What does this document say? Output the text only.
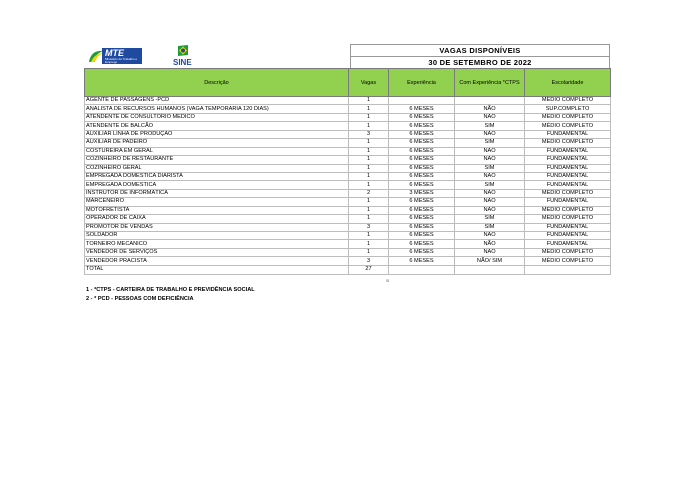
MTE
Ministério do Trabalho e Emprego	SINE
VAGAS DISPONÍVEIS
30 DE SETEMBRO DE 2022
Descrição	Vagas	Experiência	Com Experiência *CTPS	Escolaridade
AGENTE DE PASSAGENS -PCD	1			MÉDIO COMPLETO
ANALISTA DE RECURSOS HUMANOS (VAGA TEMPORARIA 120 DIAS)	1	6 MESES	NÃO	SUP.COMPLETO
ATENDENTE DE CONSULTÓRIO MÉDICO	1	6 MESES	NÃO	MEDIO COMPLETO
ATENDENTE DE BALCÃO	1	6 MESES	SIM	MÉDIO COMPLETO
AUXILIAR LINHA DE PRODUÇÃO	3	6 MESES	NÃO	FUNDAMENTAL
AUXILIAR DE PADEIRO	1	6 MESES	SIM	MÉDIO COMPLETO
COSTUREIRA EM GERAL	1	6 MESES	NÃO	FUNDAMENTAL
COZINHEIRO DE RESTAURANTE	1	6 MESES	NÃO	FUNDAMENTAL
COZINHEIRO GERAL	1	6 MESES	SIM	FUNDAMENTAL
EMPREGADA DOMESTICA DIARISTA	1	6 MESES	NÃO	FUNDAMENTAL
EMPREGADA DOMESTICA	1	6 MESES	SIM	FUNDAMENTAL
INSTRUTOR DE INFORMÁTICA	2	3 MESES	NÃO	MÉDIO COMPLETO
MARCENEIRO	1	6 MESES	NÃO	FUNDAMENTAL
MOTOFRETISTA	1	6 MESES	NÃO	MÉDIO COMPLETO
OPERADOR DE CAIXA	1	6 MESES	SIM	MÉDIO COMPLETO
PROMOTOR DE VENDAS	3	6 MESES	SIM	FUNDAMENTAL
SOLDADOR	1	6 MESES	NÃO	FUNDAMENTAL
TORNEIRO MECANICO	1	6 MESES	NÃO	FUNDAMENTAL
VENDEDOR DE SERVIÇOS	1	6 MESES	NÃO	MÉDIO COMPLETO
VENDEDOR PRACISTA	3	6 MESES	NÃO/ SIM	MÉDIO COMPLETO
TOTAL	27			
SI
1 - *CTPS - CARTEIRA DE TRABALHO E PREVIDÊNCIA SOCIAL
2 - * PCD - PESSOAS COM DEFICIÊNCIA
